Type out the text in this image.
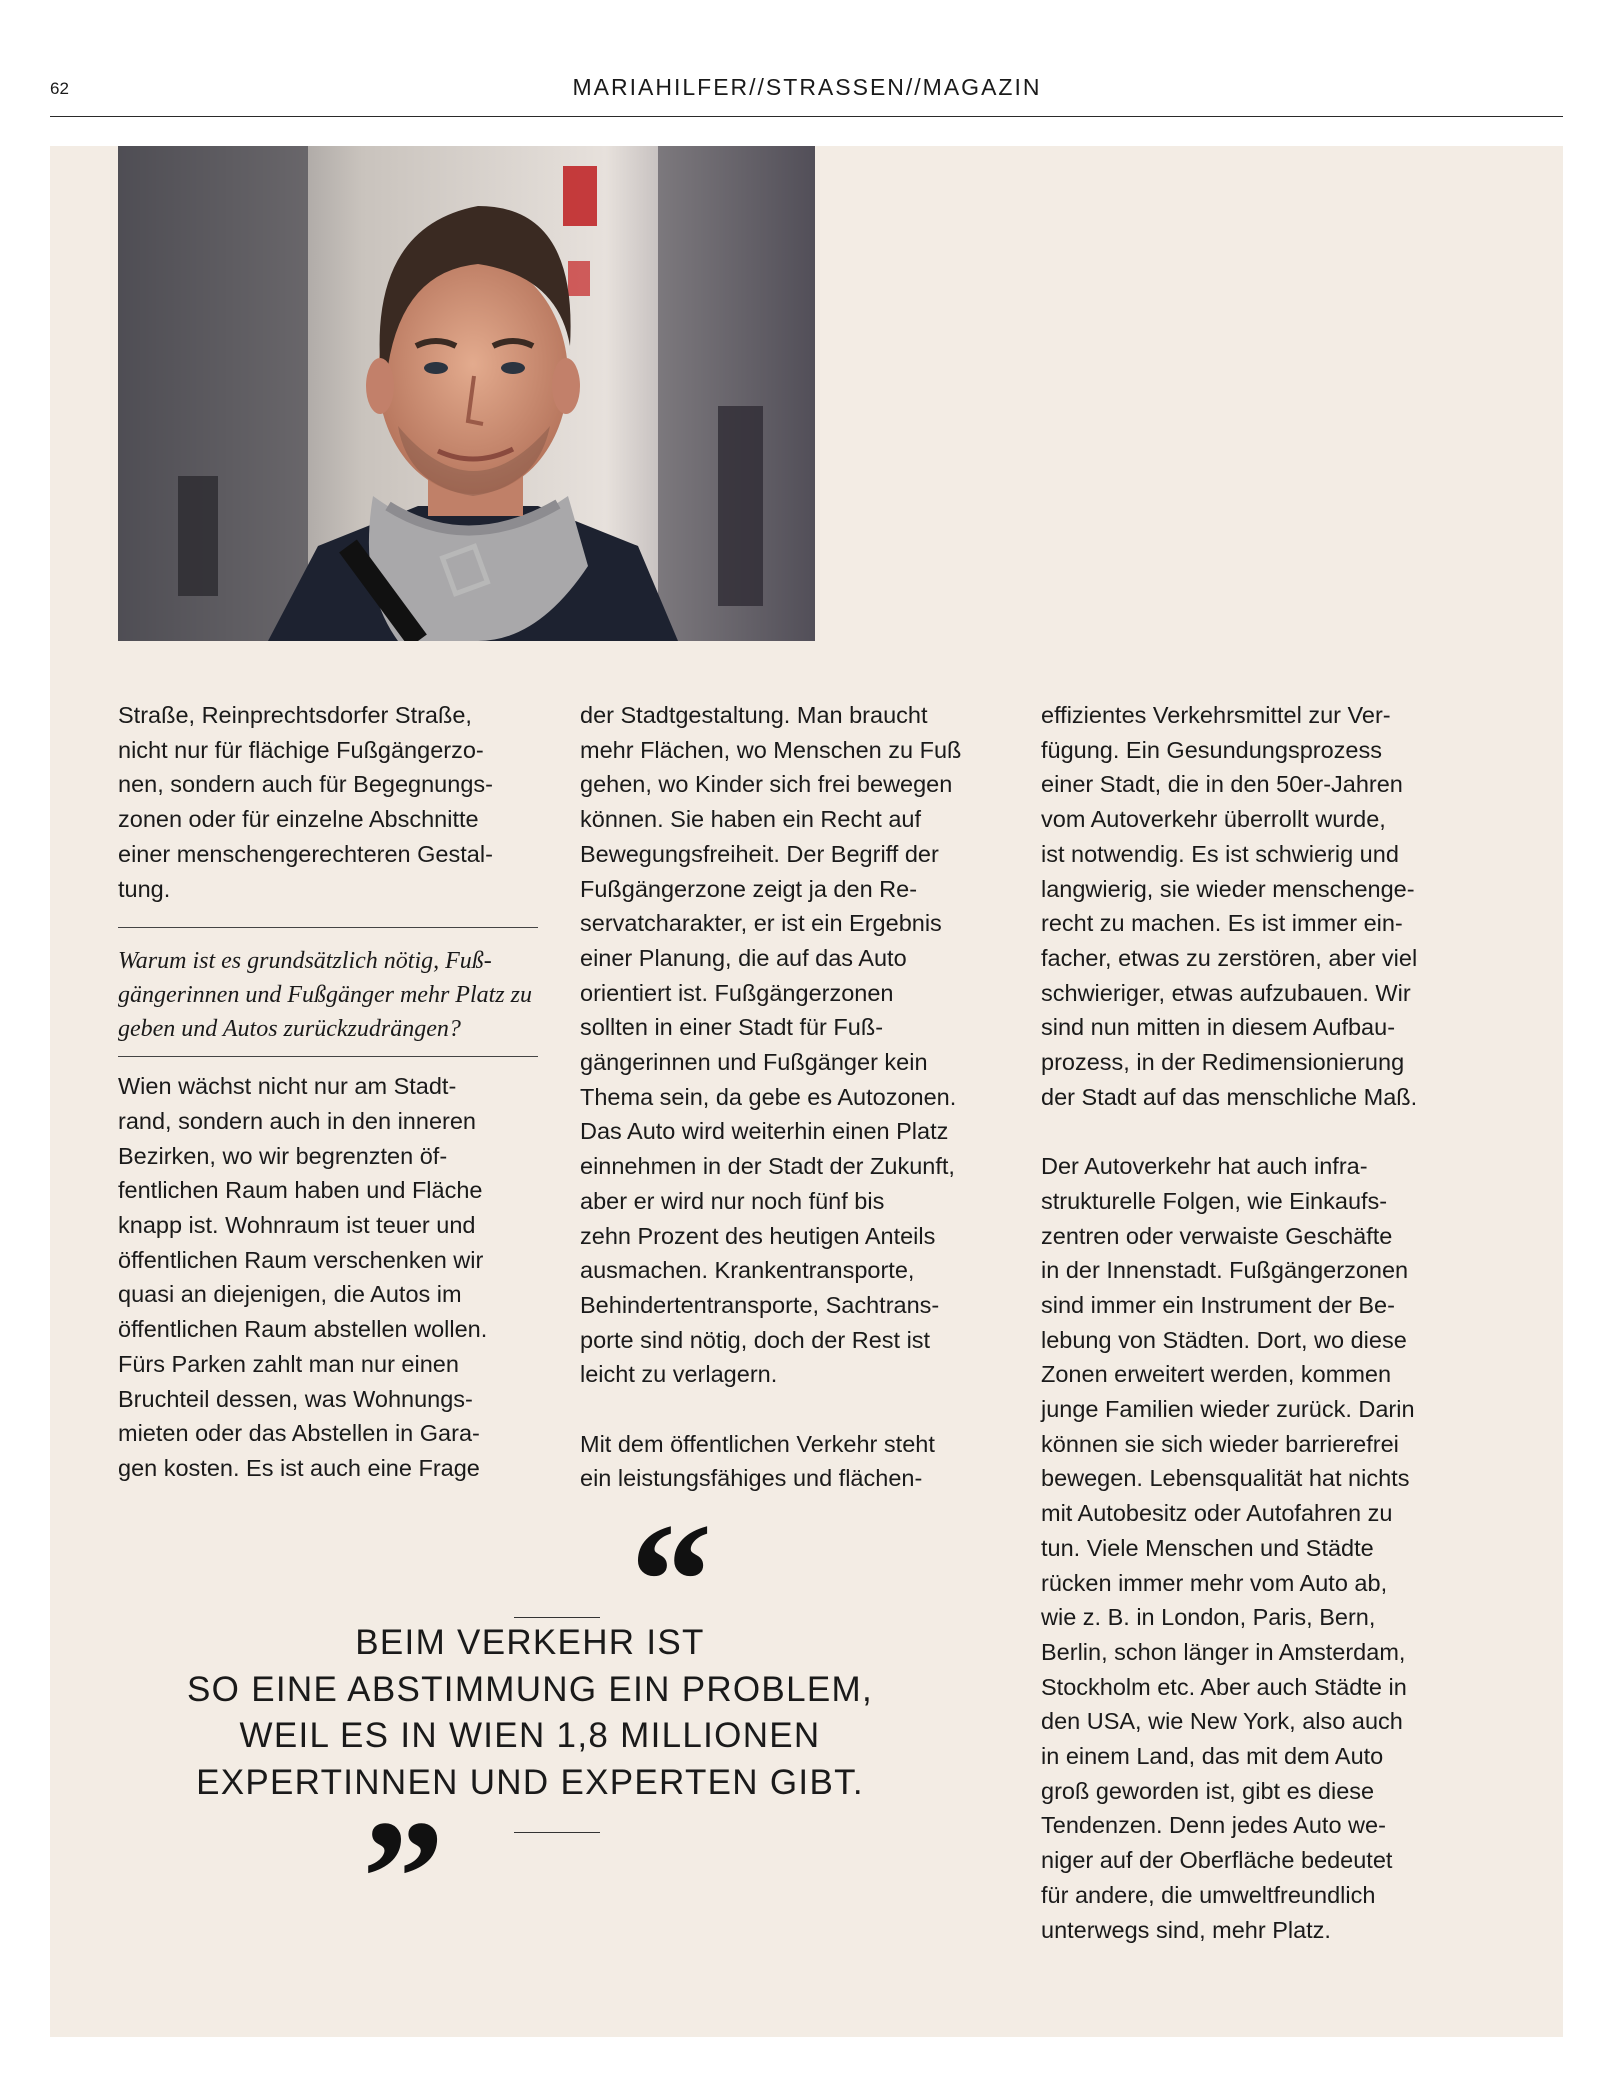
62	MARIAHILFER//STRASSEN//MAGAZIN

Straße, Reinprechtsdorfer Straße,

nicht nur für flächige Fußgängerzo-

nen, sondern auch für Begegnungs-

zonen oder für einzelne Abschnitte

einer menschengerechteren Gestal-

tung.

Warum ist es grundsätzlich nötig, Fuß-
gängerinnen und Fußgänger mehr Platz zu
geben und Autos zurückzudrängen?

Wien wächst nicht nur am Stadt-

rand, sondern auch in den inneren

Bezirken, wo wir begrenzten öf-

fentlichen Raum haben und Fläche

knapp ist. Wohnraum ist teuer und

öffentlichen Raum verschenken wir

quasi an diejenigen, die Autos im

öffentlichen Raum abstellen wollen.

Fürs Parken zahlt man nur einen

Bruchteil dessen, was Wohnungs-

mieten oder das Abstellen in Gara-

gen kosten. Es ist auch eine Frage

der Stadtgestaltung. Man braucht

mehr Flächen, wo Menschen zu Fuß

gehen, wo Kinder sich frei bewegen

können. Sie haben ein Recht auf

Bewegungsfreiheit. Der Begriff der

Fußgängerzone zeigt ja den Re-

servatcharakter, er ist ein Ergebnis

einer Planung, die auf das Auto

orientiert ist. Fußgängerzonen

sollten in einer Stadt für Fuß-

gängerinnen und Fußgänger kein

Thema sein, da gebe es Autozonen.

Das Auto wird weiterhin einen Platz

einnehmen in der Stadt der Zukunft,

aber er wird nur noch fünf bis

zehn Prozent des heutigen Anteils

ausmachen. Krankentransporte,

Behindertentransporte, Sachtrans-

porte sind nötig, doch der Rest ist

leicht zu verlagern.

Mit dem öffentlichen Verkehr steht

ein leistungsfähiges und flächen-

effizientes Verkehrsmittel zur Ver-

fügung. Ein Gesundungsprozess

einer Stadt, die in den 50er-Jahren

vom Autoverkehr überrollt wurde,

ist notwendig. Es ist schwierig und

langwierig, sie wieder menschenge-

recht zu machen. Es ist immer ein-

facher, etwas zu zerstören, aber viel

schwieriger, etwas aufzubauen. Wir

sind nun mitten in diesem Aufbau-

prozess, in der Redimensionierung

der Stadt auf das menschliche Maß.

Der Autoverkehr hat auch infra-

strukturelle Folgen, wie Einkaufs-

zentren oder verwaiste Geschäfte

in der Innenstadt. Fußgängerzonen

sind immer ein Instrument der Be-

lebung von Städten. Dort, wo diese

Zonen erweitert werden, kommen

junge Familien wieder zurück. Darin

können sie sich wieder barrierefrei

bewegen. Lebensqualität hat nichts

mit Autobesitz oder Autofahren zu

tun. Viele Menschen und Städte

rücken immer mehr vom Auto ab,

wie z. B. in London, Paris, Bern,

Berlin, schon länger in Amsterdam,

Stockholm etc. Aber auch Städte in

den USA, wie New York, also auch

in einem Land, das mit dem Auto

groß geworden ist, gibt es diese

Tendenzen. Denn jedes Auto we-

niger auf der Oberfläche bedeutet

für andere, die umweltfreundlich

unterwegs sind, mehr Platz.

“

BEIM VERKEHR IST

SO EINE ABSTIMMUNG EIN PROBLEM,

WEIL ES IN WIEN 1,8 MILLIONEN

EXPERTINNEN UND EXPERTEN GIBT.

”
